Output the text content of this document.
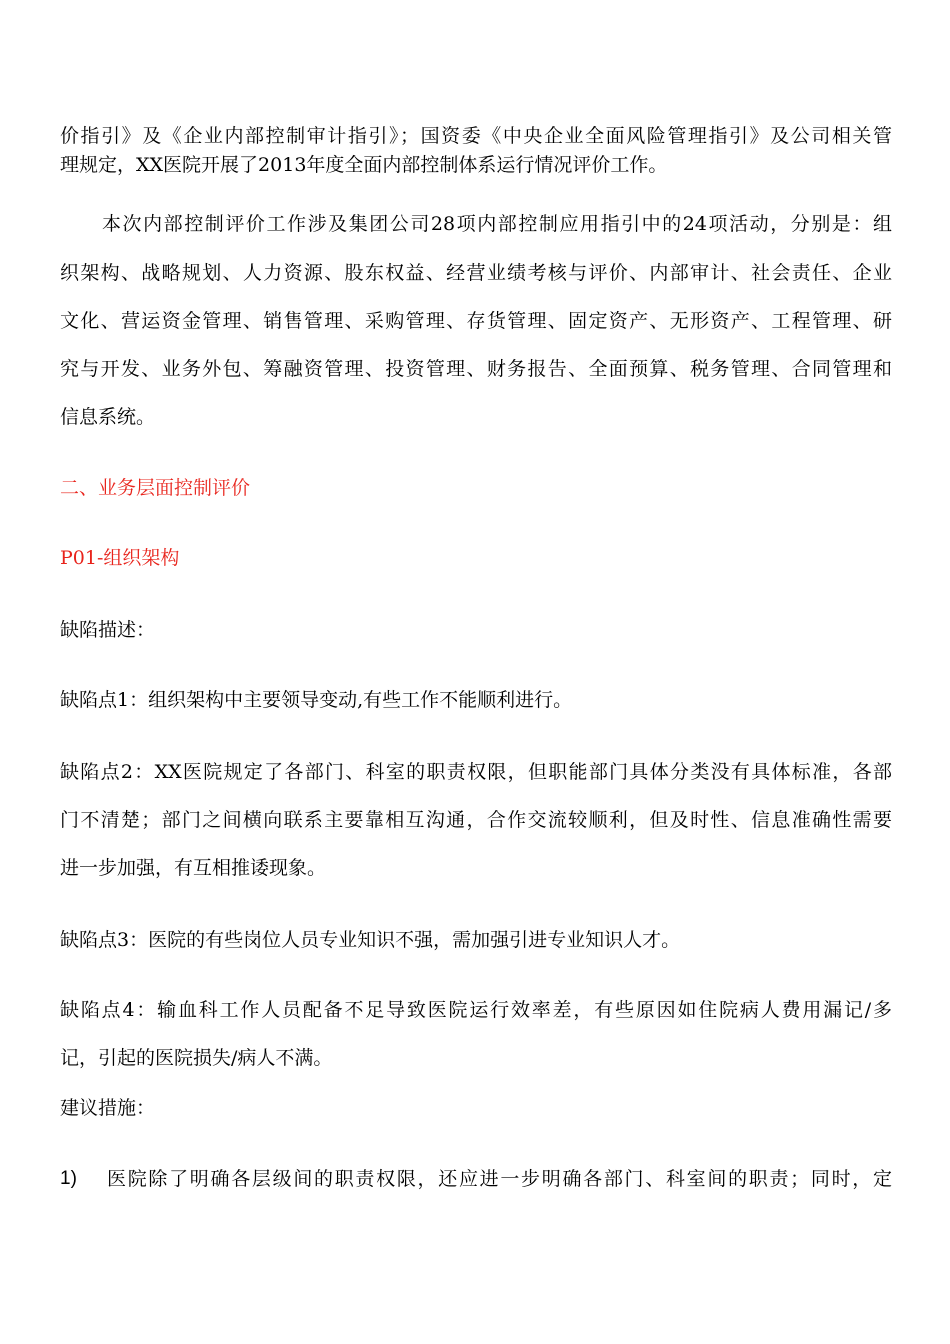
价指引》及《企业内部控制审计指引》；国资委《中央企业全面风险管理指引》及公司相关管
理规定，XX医院开展了2013年度全面内部控制体系运行情况评价工作。
本次内部控制评价工作涉及集团公司28项内部控制应用指引中的24项活动，分别是：组
织架构、战略规划、人力资源、股东权益、经营业绩考核与评价、内部审计、社会责任、企业
文化、营运资金管理、销售管理、采购管理、存货管理、固定资产、无形资产、工程管理、研
究与开发、业务外包、筹融资管理、投资管理、财务报告、全面预算、税务管理、合同管理和
信息系统。
二、业务层面控制评价
P01-组织架构
缺陷描述：
缺陷点1：组织架构中主要领导变动,有些工作不能顺利进行。
缺陷点2：XX医院规定了各部门、科室的职责权限，但职能部门具体分类没有具体标准，各部
门不清楚；部门之间横向联系主要靠相互沟通，合作交流较顺利，但及时性、信息准确性需要
进一步加强，有互相推诿现象。
缺陷点3：医院的有些岗位人员专业知识不强，需加强引进专业知识人才。
缺陷点4：输血科工作人员配备不足导致医院运行效率差，有些原因如住院病人费用漏记/多
记，引起的医院损失/病人不满。
建议措施：
1) 医院除了明确各层级间的职责权限，还应进一步明确各部门、科室间的职责；同时，定
